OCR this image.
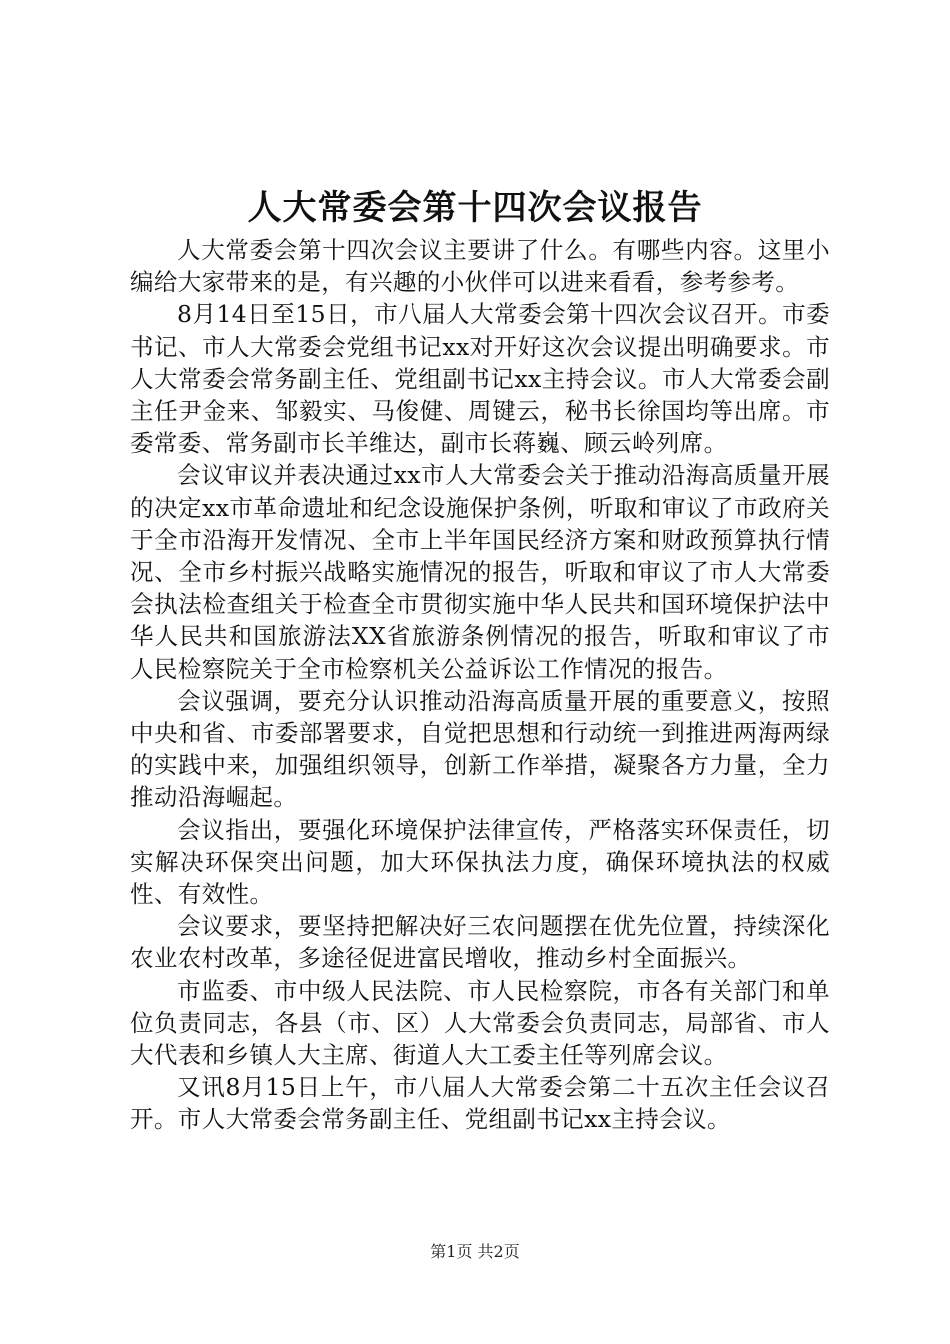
人大常委会第十四次会议报告

人大常委会第十四次会议主要讲了什么。有哪些内容。这里小编给大家带来的是，有兴趣的小伙伴可以进来看看，参考参考。

8月14日至15日，市八届人大常委会第十四次会议召开。市委书记、市人大常委会党组书记xx对开好这次会议提出明确要求。市人大常委会常务副主任、党组副书记xx主持会议。市人大常委会副主任尹金来、邹毅实、马俊健、周键云，秘书长徐国均等出席。市委常委、常务副市长羊维达，副市长蒋巍、顾云岭列席。

会议审议并表决通过xx市人大常委会关于推动沿海高质量开展的决定xx市革命遗址和纪念设施保护条例，听取和审议了市政府关于全市沿海开发情况、全市上半年国民经济方案和财政预算执行情况、全市乡村振兴战略实施情况的报告，听取和审议了市人大常委会执法检查组关于检查全市贯彻实施中华人民共和国环境保护法中华人民共和国旅游法XX省旅游条例情况的报告，听取和审议了市人民检察院关于全市检察机关公益诉讼工作情况的报告。

会议强调，要充分认识推动沿海高质量开展的重要意义，按照中央和省、市委部署要求，自觉把思想和行动统一到推进两海两绿的实践中来，加强组织领导，创新工作举措，凝聚各方力量，全力推动沿海崛起。

会议指出，要强化环境保护法律宣传，严格落实环保责任，切实解决环保突出问题，加大环保执法力度，确保环境执法的权威性、有效性。

会议要求，要坚持把解决好三农问题摆在优先位置，持续深化农业农村改革，多途径促进富民增收，推动乡村全面振兴。

市监委、市中级人民法院、市人民检察院，市各有关部门和单位负责同志，各县（市、区）人大常委会负责同志，局部省、市人大代表和乡镇人大主席、街道人大工委主任等列席会议。

又讯8月15日上午，市八届人大常委会第二十五次主任会议召开。市人大常委会常务副主任、党组副书记xx主持会议。

第1页 共2页
